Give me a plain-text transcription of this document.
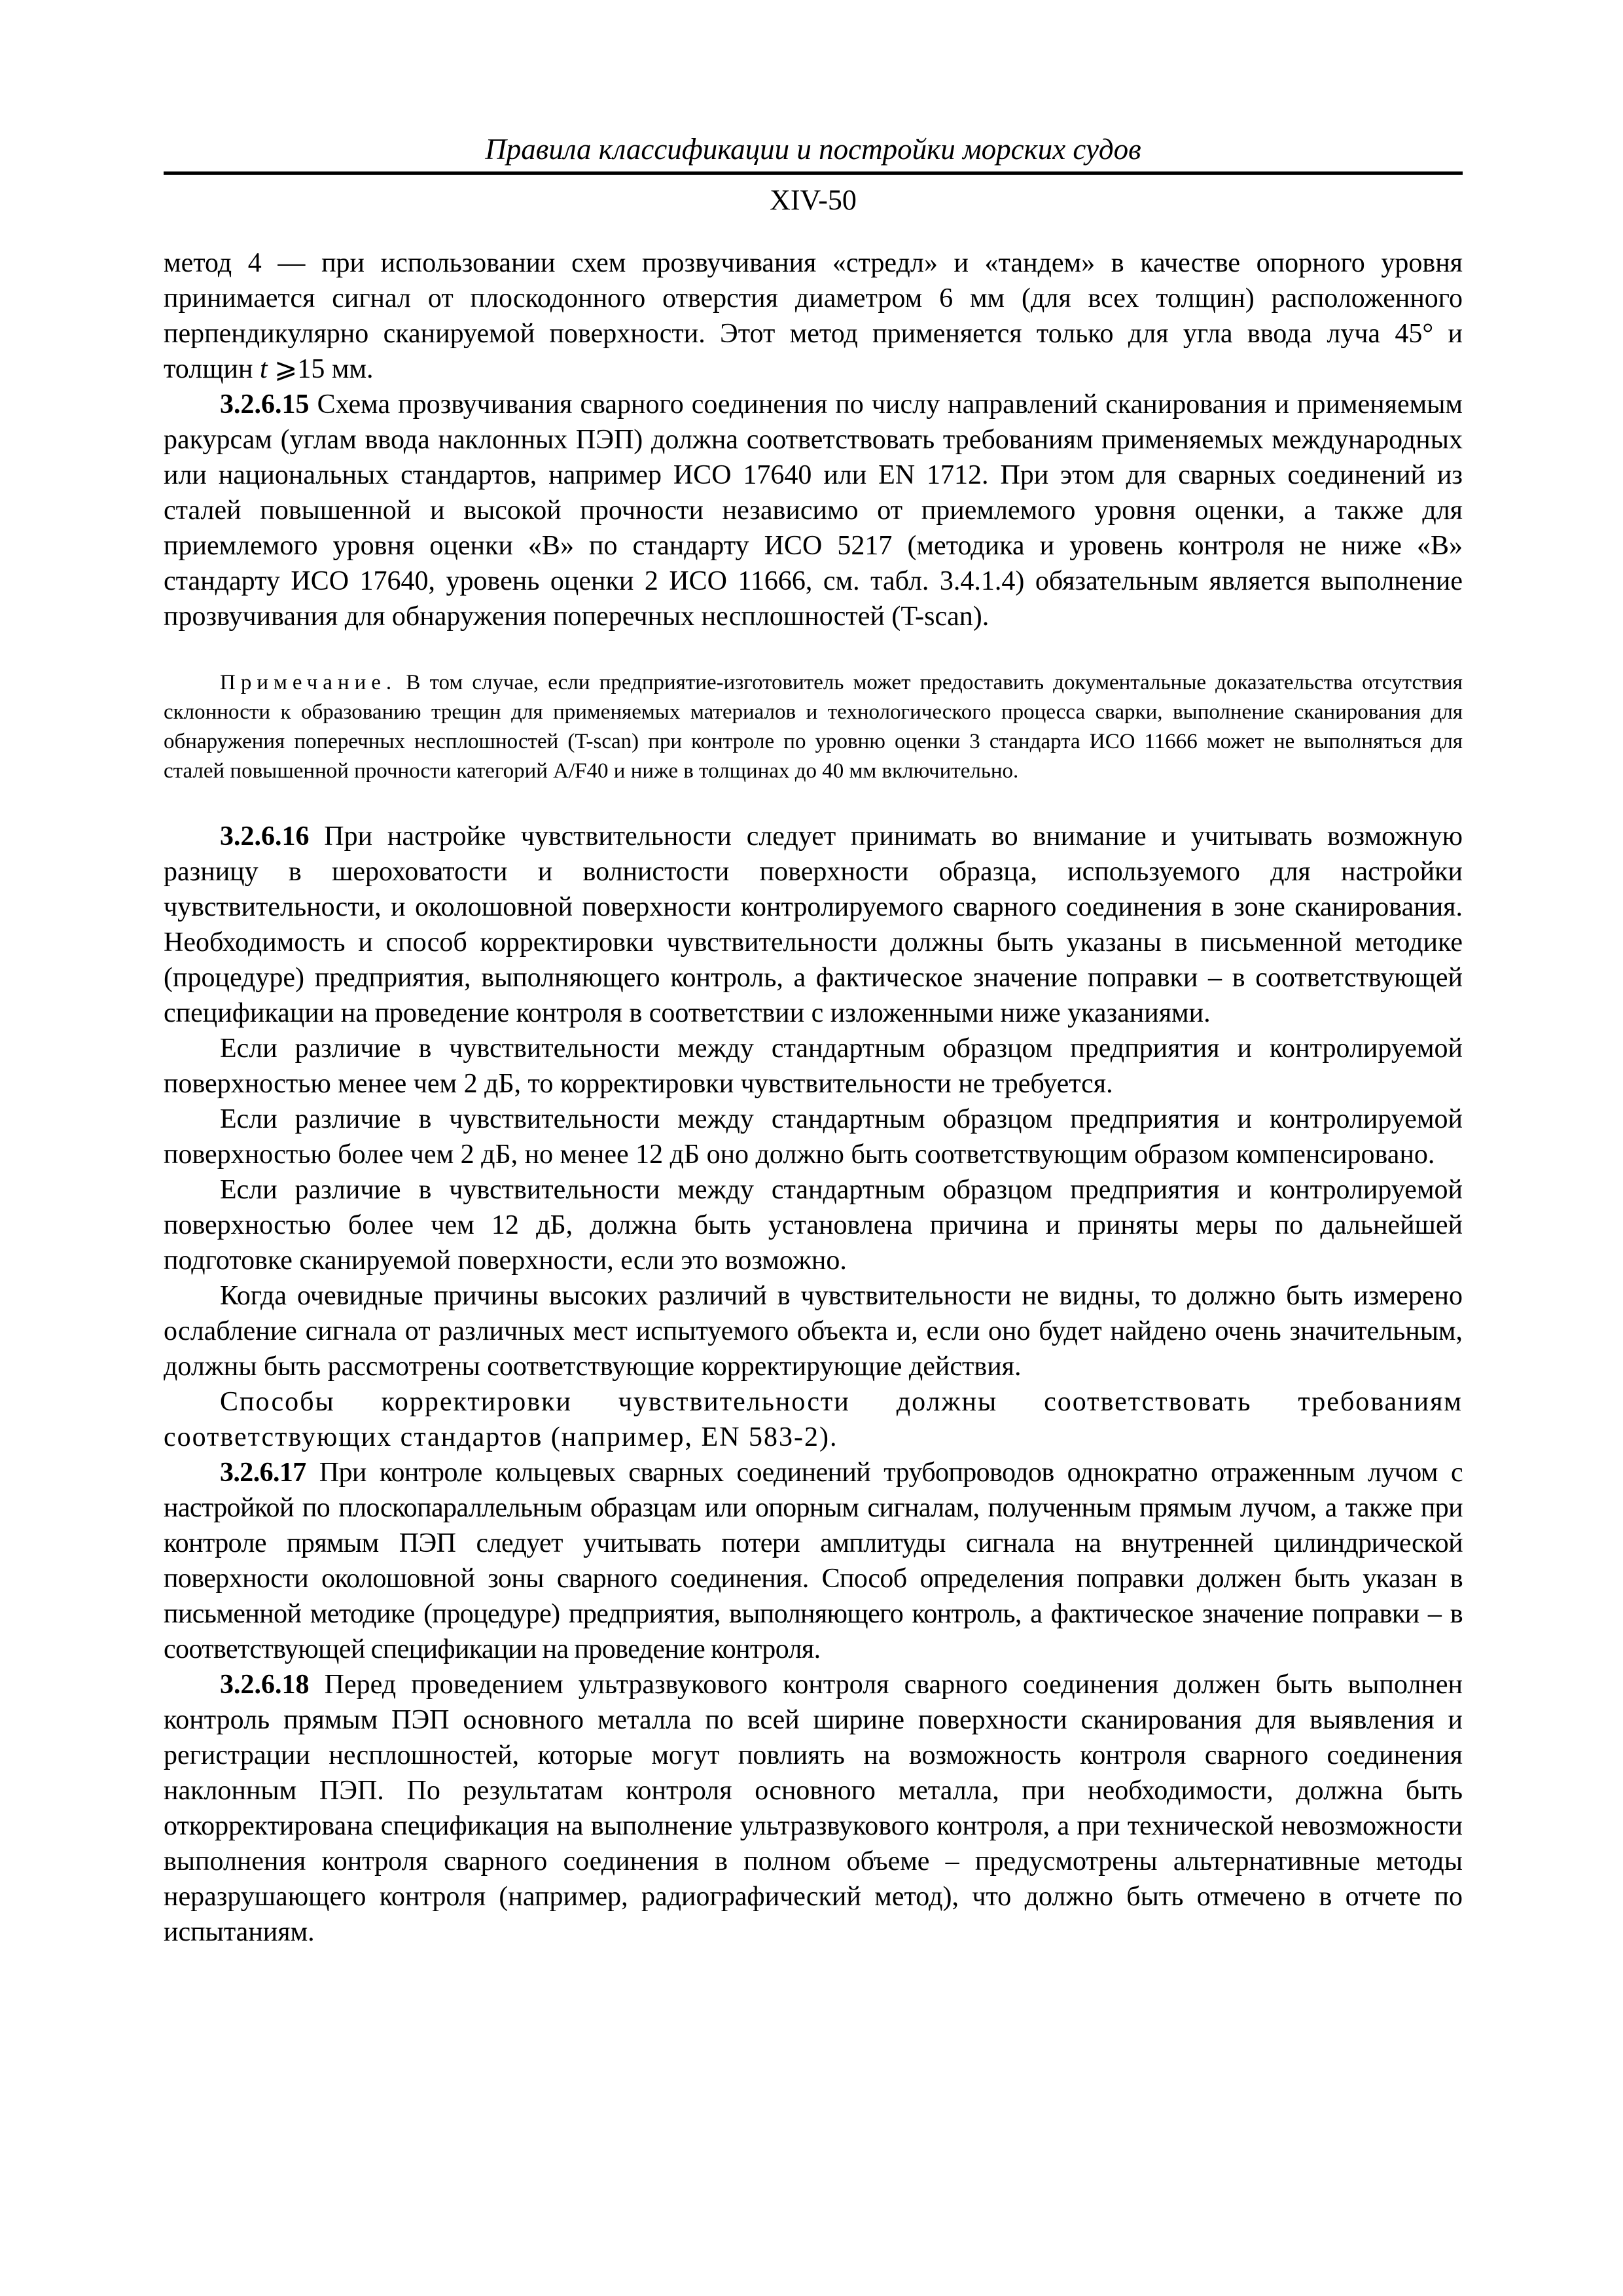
Правила классификации и постройки морских судов
XIV-50

метод 4 — при использовании схем прозвучивания «стредл» и «тандем» в качестве опорного уровня принимается сигнал от плоскодонного отверстия диаметром 6 мм (для всех толщин) расположенного перпендикулярно сканируемой поверхности. Этот метод применяется только для угла ввода луча 45° и толщин t ⩾15 мм.

3.2.6.15 Схема прозвучивания сварного соединения по числу направлений сканирования и применяемым ракурсам (углам ввода наклонных ПЭП) должна соответствовать требованиям применяемых международных или национальных стандартов, например ИСО 17640 или EN 1712. При этом для сварных соединений из сталей повышенной и высокой прочности независимо от приемлемого уровня оценки, а также для приемлемого уровня оценки «В» по стандарту ИСО 5217 (методика и уровень контроля не ниже «В» стандарту ИСО 17640, уровень оценки 2 ИСО 11666, см. табл. 3.4.1.4) обязательным является выполнение прозвучивания для обнаружения поперечных несплошностей (T-scan).

Примечание. В том случае, если предприятие-изготовитель может предоставить документальные доказательства отсутствия склонности к образованию трещин для применяемых материалов и технологического процесса сварки, выполнение сканирования для обнаружения поперечных несплошностей (T-scan) при контроле по уровню оценки 3 стандарта ИСО 11666 может не выполняться для сталей повышенной прочности категорий A/F40 и ниже в толщинах до 40 мм включительно.

3.2.6.16 При настройке чувствительности следует принимать во внимание и учитывать возможную разницу в шероховатости и волнистости поверхности образца, используемого для настройки чувствительности, и околошовной поверхности контролируемого сварного соединения в зоне сканирования. Необходимость и способ корректировки чувствительности должны быть указаны в письменной методике (процедуре) предприятия, выполняющего контроль, а фактическое значение поправки – в соответствующей спецификации на проведение контроля в соответствии с изложенными ниже указаниями.

Если различие в чувствительности между стандартным образцом предприятия и контролируемой поверхностью менее чем 2 дБ, то корректировки чувствительности не требуется.

Если различие в чувствительности между стандартным образцом предприятия и контролируемой поверхностью более чем 2 дБ, но менее 12 дБ оно должно быть соответствующим образом компенсировано.

Если различие в чувствительности между стандартным образцом предприятия и контролируемой поверхностью более чем 12 дБ, должна быть установлена причина и приняты меры по дальнейшей подготовке сканируемой поверхности, если это возможно.

Когда очевидные причины высоких различий в чувствительности не видны, то должно быть измерено ослабление сигнала от различных мест испытуемого объекта и, если оно будет найдено очень значительным, должны быть рассмотрены соответствующие корректирующие действия.

Способы корректировки чувствительности должны соответствовать требованиям соответствующих стандартов (например, EN 583-2).

3.2.6.17 При контроле кольцевых сварных соединений трубопроводов однократно отраженным лучом с настройкой по плоскопараллельным образцам или опорным сигналам, полученным прямым лучом, а также при контроле прямым ПЭП следует учитывать потери амплитуды сигнала на внутренней цилиндрической поверхности околошовной зоны сварного соединения. Способ определения поправки должен быть указан в письменной методике (процедуре) предприятия, выполняющего контроль, а фактическое значение поправки – в соответствующей спецификации на проведение контроля.

3.2.6.18 Перед проведением ультразвукового контроля сварного соединения должен быть выполнен контроль прямым ПЭП основного металла по всей ширине поверхности сканирования для выявления и регистрации несплошностей, которые могут повлиять на возможность контроля сварного соединения наклонным ПЭП. По результатам контроля основного металла, при необходимости, должна быть откорректирована спецификация на выполнение ультразвукового контроля, а при технической невозможности выполнения контроля сварного соединения в полном объеме – предусмотрены альтернативные методы неразрушающего контроля (например, радиографический метод), что должно быть отмечено в отчете по испытаниям.
